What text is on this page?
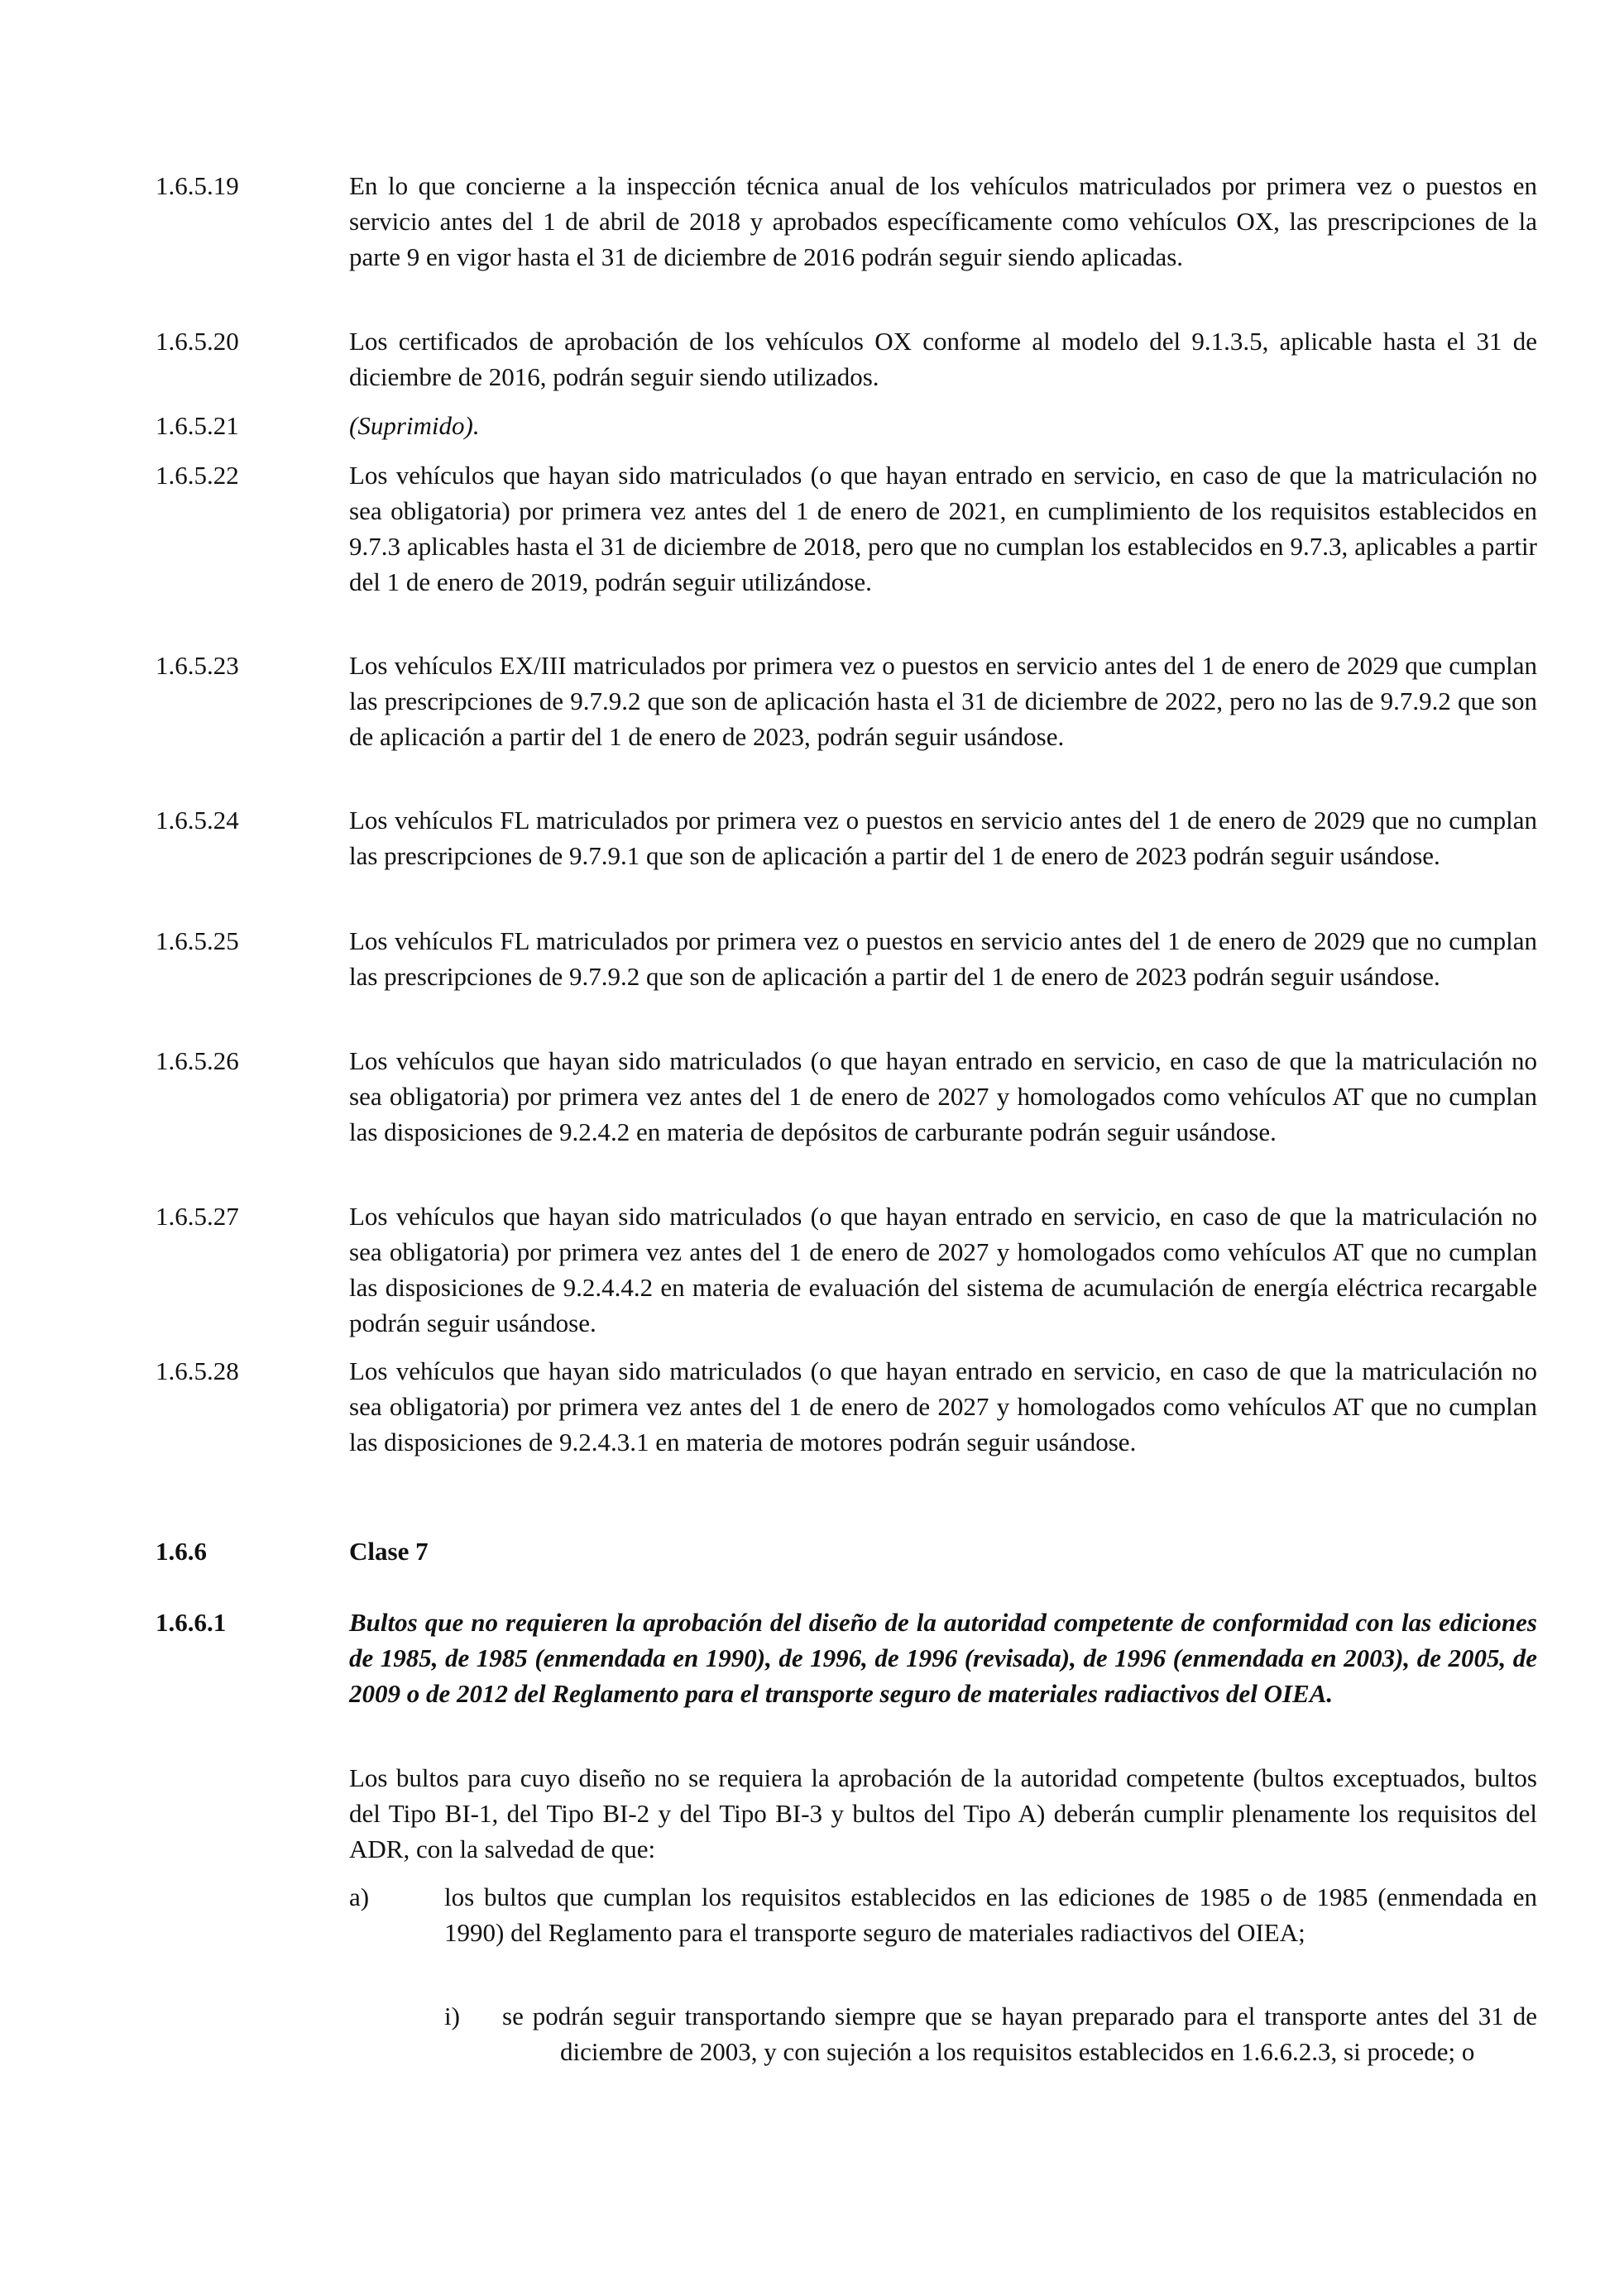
1.6.5.19	En lo que concierne a la inspección técnica anual de los vehículos matriculados por primera vez o puestos en servicio antes del 1 de abril de 2018 y aprobados específicamente como vehículos OX, las prescripciones de la parte 9 en vigor hasta el 31 de diciembre de 2016 podrán seguir siendo aplicadas.
1.6.5.20	Los certificados de aprobación de los vehículos OX conforme al modelo del 9.1.3.5, aplicable hasta el 31 de diciembre de 2016, podrán seguir siendo utilizados.
1.6.5.21	(Suprimido).
1.6.5.22	Los vehículos que hayan sido matriculados (o que hayan entrado en servicio, en caso de que la matriculación no sea obligatoria) por primera vez antes del 1 de enero de 2021, en cumplimiento de los requisitos establecidos en 9.7.3 aplicables hasta el 31 de diciembre de 2018, pero que no cumplan los establecidos en 9.7.3, aplicables a partir del 1 de enero de 2019, podrán seguir utilizándose.
1.6.5.23	Los vehículos EX/III matriculados por primera vez o puestos en servicio antes del 1 de enero de 2029 que cumplan las prescripciones de 9.7.9.2 que son de aplicación hasta el 31 de diciembre de 2022, pero no las de 9.7.9.2 que son de aplicación a partir del 1 de enero de 2023, podrán seguir usándose.
1.6.5.24	Los vehículos FL matriculados por primera vez o puestos en servicio antes del 1 de enero de 2029 que no cumplan las prescripciones de 9.7.9.1 que son de aplicación a partir del 1 de enero de 2023 podrán seguir usándose.
1.6.5.25	Los vehículos FL matriculados por primera vez o puestos en servicio antes del 1 de enero de 2029 que no cumplan las prescripciones de 9.7.9.2 que son de aplicación a partir del 1 de enero de 2023 podrán seguir usándose.
1.6.5.26	Los vehículos que hayan sido matriculados (o que hayan entrado en servicio, en caso de que la matriculación no sea obligatoria) por primera vez antes del 1 de enero de 2027 y homologados como vehículos AT que no cumplan las disposiciones de 9.2.4.2 en materia de depósitos de carburante podrán seguir usándose.
1.6.5.27	Los vehículos que hayan sido matriculados (o que hayan entrado en servicio, en caso de que la matriculación no sea obligatoria) por primera vez antes del 1 de enero de 2027 y homologados como vehículos AT que no cumplan las disposiciones de 9.2.4.4.2 en materia de evaluación del sistema de acumulación de energía eléctrica recargable podrán seguir usándose.
1.6.5.28	Los vehículos que hayan sido matriculados (o que hayan entrado en servicio, en caso de que la matriculación no sea obligatoria) por primera vez antes del 1 de enero de 2027 y homologados como vehículos AT que no cumplan las disposiciones de 9.2.4.3.1 en materia de motores podrán seguir usándose.
1.6.6	Clase 7
1.6.6.1	Bultos que no requieren la aprobación del diseño de la autoridad competente de conformidad con las ediciones de 1985, de 1985 (enmendada en 1990), de 1996, de 1996 (revisada), de 1996 (enmendada en 2003), de 2005, de 2009 o de 2012 del Reglamento para el transporte seguro de materiales radiactivos del OIEA.
Los bultos para cuyo diseño no se requiera la aprobación de la autoridad competente (bultos exceptuados, bultos del Tipo BI-1, del Tipo BI-2 y del Tipo BI-3 y bultos del Tipo A) deberán cumplir plenamente los requisitos del ADR, con la salvedad de que:
a)	los bultos que cumplan los requisitos establecidos en las ediciones de 1985 o de 1985 (enmendada en 1990) del Reglamento para el transporte seguro de materiales radiactivos del OIEA;
i)	se podrán seguir transportando siempre que se hayan preparado para el transporte antes del 31 de diciembre de 2003, y con sujeción a los requisitos establecidos en 1.6.6.2.3, si procede; o
